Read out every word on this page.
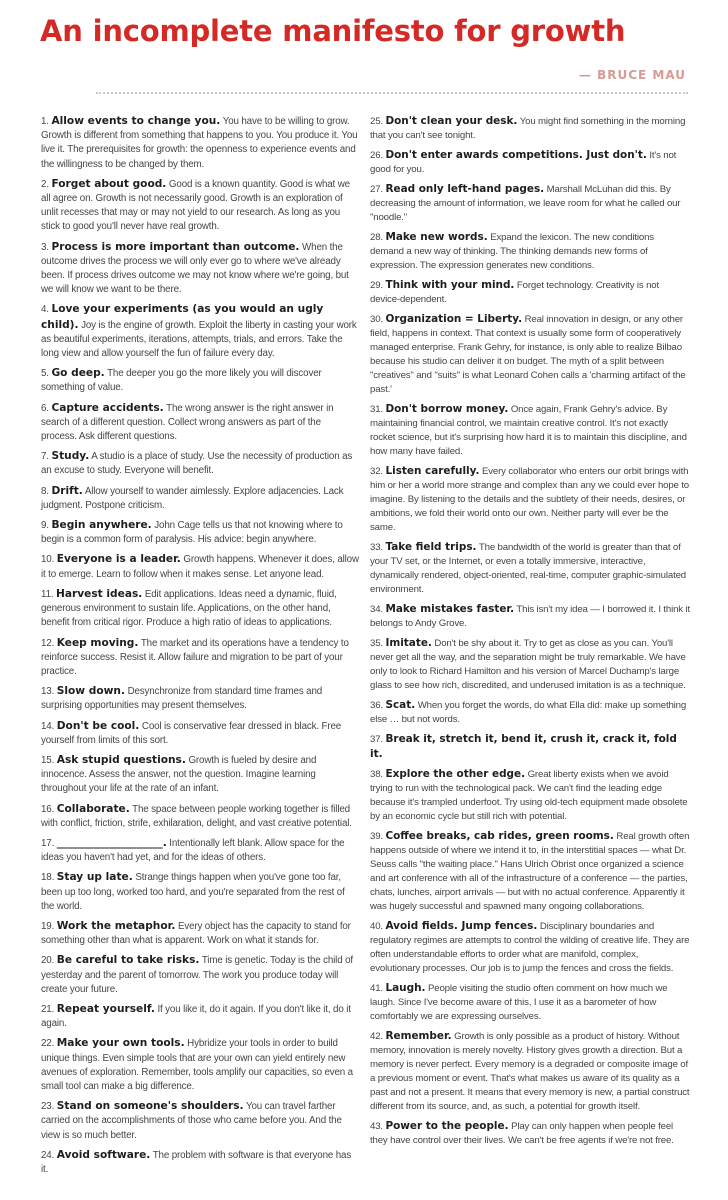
An incomplete manifesto for growth
— BRUCE MAU

1. Allow events to change you. You have to be willing to grow. Growth is different from something that happens to you. You produce it. You live it. The prerequisites for growth: the openness to experience events and the willingness to be changed by them.

2. Forget about good. Good is a known quantity. Good is what we all agree on. Growth is not necessarily good. Growth is an exploration of unlit recesses that may or may not yield to our research. As long as you stick to good you'll never have real growth.

3. Process is more important than outcome. When the outcome drives the process we will only ever go to where we've already been. If process drives outcome we may not know where we're going, but we will know we want to be there.

4. Love your experiments (as you would an ugly child). Joy is the engine of growth. Exploit the liberty in casting your work as beautiful experiments, iterations, attempts, trials, and errors. Take the long view and allow yourself the fun of failure every day.

5. Go deep. The deeper you go the more likely you will discover something of value.

6. Capture accidents. The wrong answer is the right answer in search of a different question. Collect wrong answers as part of the process. Ask different questions.

7. Study. A studio is a place of study. Use the necessity of production as an excuse to study. Everyone will benefit.

8. Drift. Allow yourself to wander aimlessly. Explore adjacencies. Lack judgment. Postpone criticism.

9. Begin anywhere. John Cage tells us that not knowing where to begin is a common form of paralysis. His advice: begin anywhere.

10. Everyone is a leader. Growth happens. Whenever it does, allow it to emerge. Learn to follow when it makes sense. Let anyone lead.

11. Harvest ideas. Edit applications. Ideas need a dynamic, fluid, generous environment to sustain life. Applications, on the other hand, benefit from critical rigor. Produce a high ratio of ideas to applications.

12. Keep moving. The market and its operations have a tendency to reinforce success. Resist it. Allow failure and migration to be part of your practice.

13. Slow down. Desynchronize from standard time frames and surprising opportunities may present themselves.

14. Don't be cool. Cool is conservative fear dressed in black. Free yourself from limits of this sort.

15. Ask stupid questions. Growth is fueled by desire and innocence. Assess the answer, not the question. Imagine learning throughout your life at the rate of an infant.

16. Collaborate. The space between people working together is filled with conflict, friction, strife, exhilaration, delight, and vast creative potential.

17. ____________________. Intentionally left blank. Allow space for the ideas you haven't had yet, and for the ideas of others.

18. Stay up late. Strange things happen when you've gone too far, been up too long, worked too hard, and you're separated from the rest of the world.

19. Work the metaphor. Every object has the capacity to stand for something other than what is apparent. Work on what it stands for.

20. Be careful to take risks. Time is genetic. Today is the child of yesterday and the parent of tomorrow. The work you produce today will create your future.

21. Repeat yourself. If you like it, do it again. If you don't like it, do it again.

22. Make your own tools. Hybridize your tools in order to build unique things. Even simple tools that are your own can yield entirely new avenues of exploration. Remember, tools amplify our capacities, so even a small tool can make a big difference.

23. Stand on someone's shoulders. You can travel farther carried on the accomplishments of those who came before you. And the view is so much better.

24. Avoid software. The problem with software is that everyone has it.

25. Don't clean your desk. You might find something in the morning that you can't see tonight.

26. Don't enter awards competitions. Just don't. It's not good for you.

27. Read only left-hand pages. Marshall McLuhan did this. By decreasing the amount of information, we leave room for what he called our "noodle."

28. Make new words. Expand the lexicon. The new conditions demand a new way of thinking. The thinking demands new forms of expression. The expression generates new conditions.

29. Think with your mind. Forget technology. Creativity is not device-dependent.

30. Organization = Liberty. Real innovation in design, or any other field, happens in context. That context is usually some form of cooperatively managed enterprise. Frank Gehry, for instance, is only able to realize Bilbao because his studio can deliver it on budget. The myth of a split between "creatives" and "suits" is what Leonard Cohen calls a 'charming artifact of the past.'

31. Don't borrow money. Once again, Frank Gehry's advice. By maintaining financial control, we maintain creative control. It's not exactly rocket science, but it's surprising how hard it is to maintain this discipline, and how many have failed.

32. Listen carefully. Every collaborator who enters our orbit brings with him or her a world more strange and complex than any we could ever hope to imagine. By listening to the details and the subtlety of their needs, desires, or ambitions, we fold their world onto our own. Neither party will ever be the same.

33. Take field trips. The bandwidth of the world is greater than that of your TV set, or the Internet, or even a totally immersive, interactive, dynamically rendered, object-oriented, real-time, computer graphic-simulated environment.

34. Make mistakes faster. This isn't my idea — I borrowed it. I think it belongs to Andy Grove.

35. Imitate. Don't be shy about it. Try to get as close as you can. You'll never get all the way, and the separation might be truly remarkable. We have only to look to Richard Hamilton and his version of Marcel Duchamp's large glass to see how rich, discredited, and underused imitation is as a technique.

36. Scat. When you forget the words, do what Ella did: make up something else … but not words.

37. Break it, stretch it, bend it, crush it, crack it, fold it.

38. Explore the other edge. Great liberty exists when we avoid trying to run with the technological pack. We can't find the leading edge because it's trampled underfoot. Try using old-tech equipment made obsolete by an economic cycle but still rich with potential.

39. Coffee breaks, cab rides, green rooms. Real growth often happens outside of where we intend it to, in the interstitial spaces — what Dr. Seuss calls "the waiting place." Hans Ulrich Obrist once organized a science and art conference with all of the infrastructure of a conference — the parties, chats, lunches, airport arrivals — but with no actual conference. Apparently it was hugely successful and spawned many ongoing collaborations.

40. Avoid fields. Jump fences. Disciplinary boundaries and regulatory regimes are attempts to control the wilding of creative life. They are often understandable efforts to order what are manifold, complex, evolutionary processes. Our job is to jump the fences and cross the fields.

41. Laugh. People visiting the studio often comment on how much we laugh. Since I've become aware of this, I use it as a barometer of how comfortably we are expressing ourselves.

42. Remember. Growth is only possible as a product of history. Without memory, innovation is merely novelty. History gives growth a direction. But a memory is never perfect. Every memory is a degraded or composite image of a previous moment or event. That's what makes us aware of its quality as a past and not a present. It means that every memory is new, a partial construct different from its source, and, as such, a potential for growth itself.

43. Power to the people. Play can only happen when people feel they have control over their lives. We can't be free agents if we're not free.
